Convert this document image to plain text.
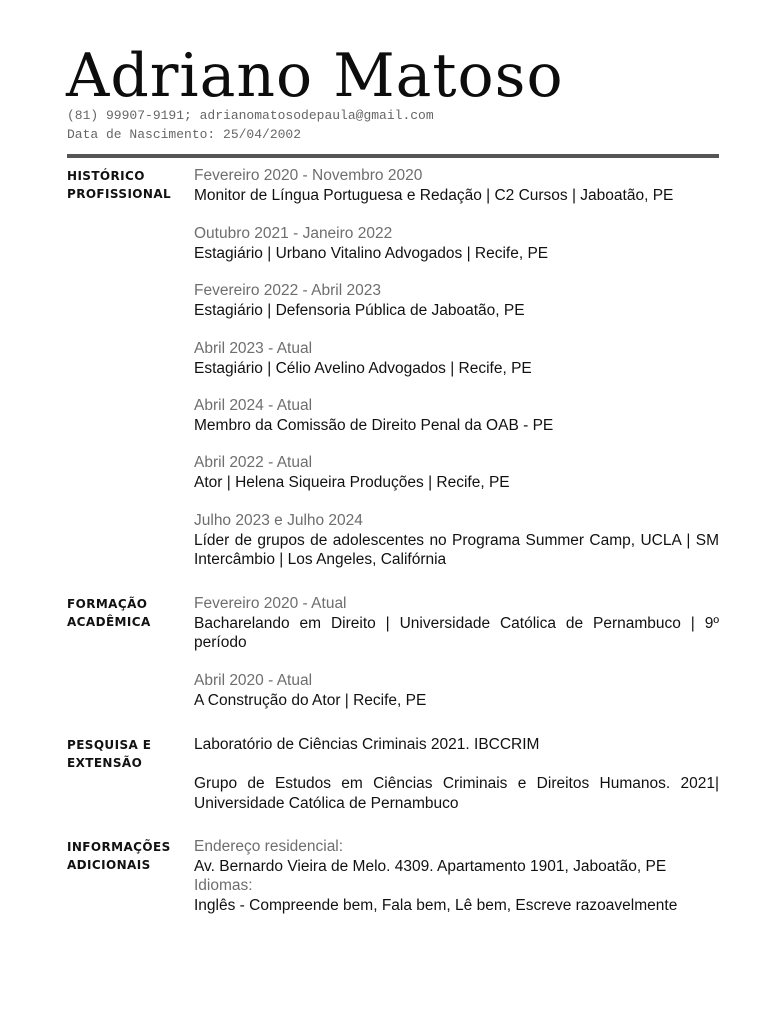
Adriano Matoso
(81) 99907-9191; adrianomatosodepaula@gmail.com
Data de Nascimento: 25/04/2002
HISTÓRICO
PROFISSIONAL
Fevereiro 2020 - Novembro 2020
Monitor de Língua Portuguesa e Redação | C2 Cursos | Jaboatão, PE
Outubro 2021 - Janeiro 2022
Estagiário | Urbano Vitalino Advogados | Recife, PE
Fevereiro 2022 - Abril 2023
Estagiário | Defensoria Pública de Jaboatão, PE
Abril 2023 - Atual
Estagiário | Célio Avelino Advogados | Recife, PE
Abril 2024 - Atual
Membro da Comissão de Direito Penal da OAB - PE
Abril 2022 - Atual
Ator | Helena Siqueira Produções | Recife, PE
Julho 2023 e Julho 2024
Líder de grupos de adolescentes no Programa Summer Camp, UCLA | SM Intercâmbio | Los Angeles, Califórnia
FORMAÇÃO
ACADÊMICA
Fevereiro 2020 - Atual
Bacharelando em Direito | Universidade Católica de Pernambuco | 9º período
Abril 2020 - Atual
A Construção do Ator | Recife, PE
PESQUISA E
EXTENSÃO
Laboratório de Ciências Criminais 2021. IBCCRIM
Grupo de Estudos em Ciências Criminais e Direitos Humanos. 2021| Universidade Católica de Pernambuco
INFORMAÇÕES
ADICIONAIS
Endereço residencial:
Av. Bernardo Vieira de Melo. 4309. Apartamento 1901, Jaboatão, PE
Idiomas:
Inglês - Compreende bem, Fala bem, Lê bem, Escreve razoavelmente
